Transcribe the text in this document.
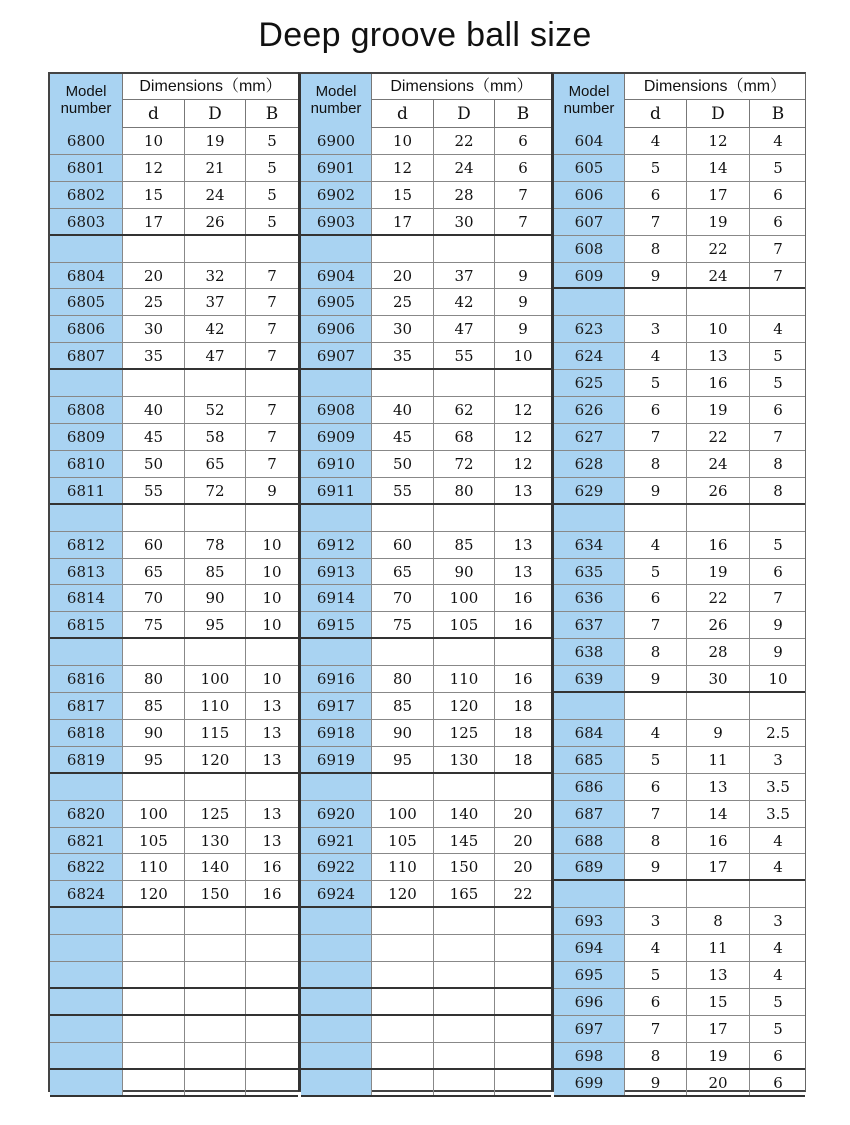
Deep groove ball size
Model
number
Dimensions（mm）
d	D	B
6800	10	19	5
6801	12	21	5
6802	15	24	5
6803	17	26	5
6804	20	32	7
6805	25	37	7
6806	30	42	7
6807	35	47	7
6808	40	52	7
6809	45	58	7
6810	50	65	7
6811	55	72	9
6812	60	78	10
6813	65	85	10
6814	70	90	10
6815	75	95	10
6816	80	100	10
6817	85	110	13
6818	90	115	13
6819	95	120	13
6820	100	125	13
6821	105	130	13
6822	110	140	16
6824	120	150	16
Model
number
Dimensions（mm）
d	D	B
6900	10	22	6
6901	12	24	6
6902	15	28	7
6903	17	30	7
6904	20	37	9
6905	25	42	9
6906	30	47	9
6907	35	55	10
6908	40	62	12
6909	45	68	12
6910	50	72	12
6911	55	80	13
6912	60	85	13
6913	65	90	13
6914	70	100	16
6915	75	105	16
6916	80	110	16
6917	85	120	18
6918	90	125	18
6919	95	130	18
6920	100	140	20
6921	105	145	20
6922	110	150	20
6924	120	165	22
Model
number
Dimensions（mm）
d	D	B
604	4	12	4
605	5	14	5
606	6	17	6
607	7	19	6
608	8	22	7
609	9	24	7
623	3	10	4
624	4	13	5
625	5	16	5
626	6	19	6
627	7	22	7
628	8	24	8
629	9	26	8
634	4	16	5
635	5	19	6
636	6	22	7
637	7	26	9
638	8	28	9
639	9	30	10
684	4	9	2.5
685	5	11	3
686	6	13	3.5
687	7	14	3.5
688	8	16	4
689	9	17	4
693	3	8	3
694	4	11	4
695	5	13	4
696	6	15	5
697	7	17	5
698	8	19	6
699	9	20	6
